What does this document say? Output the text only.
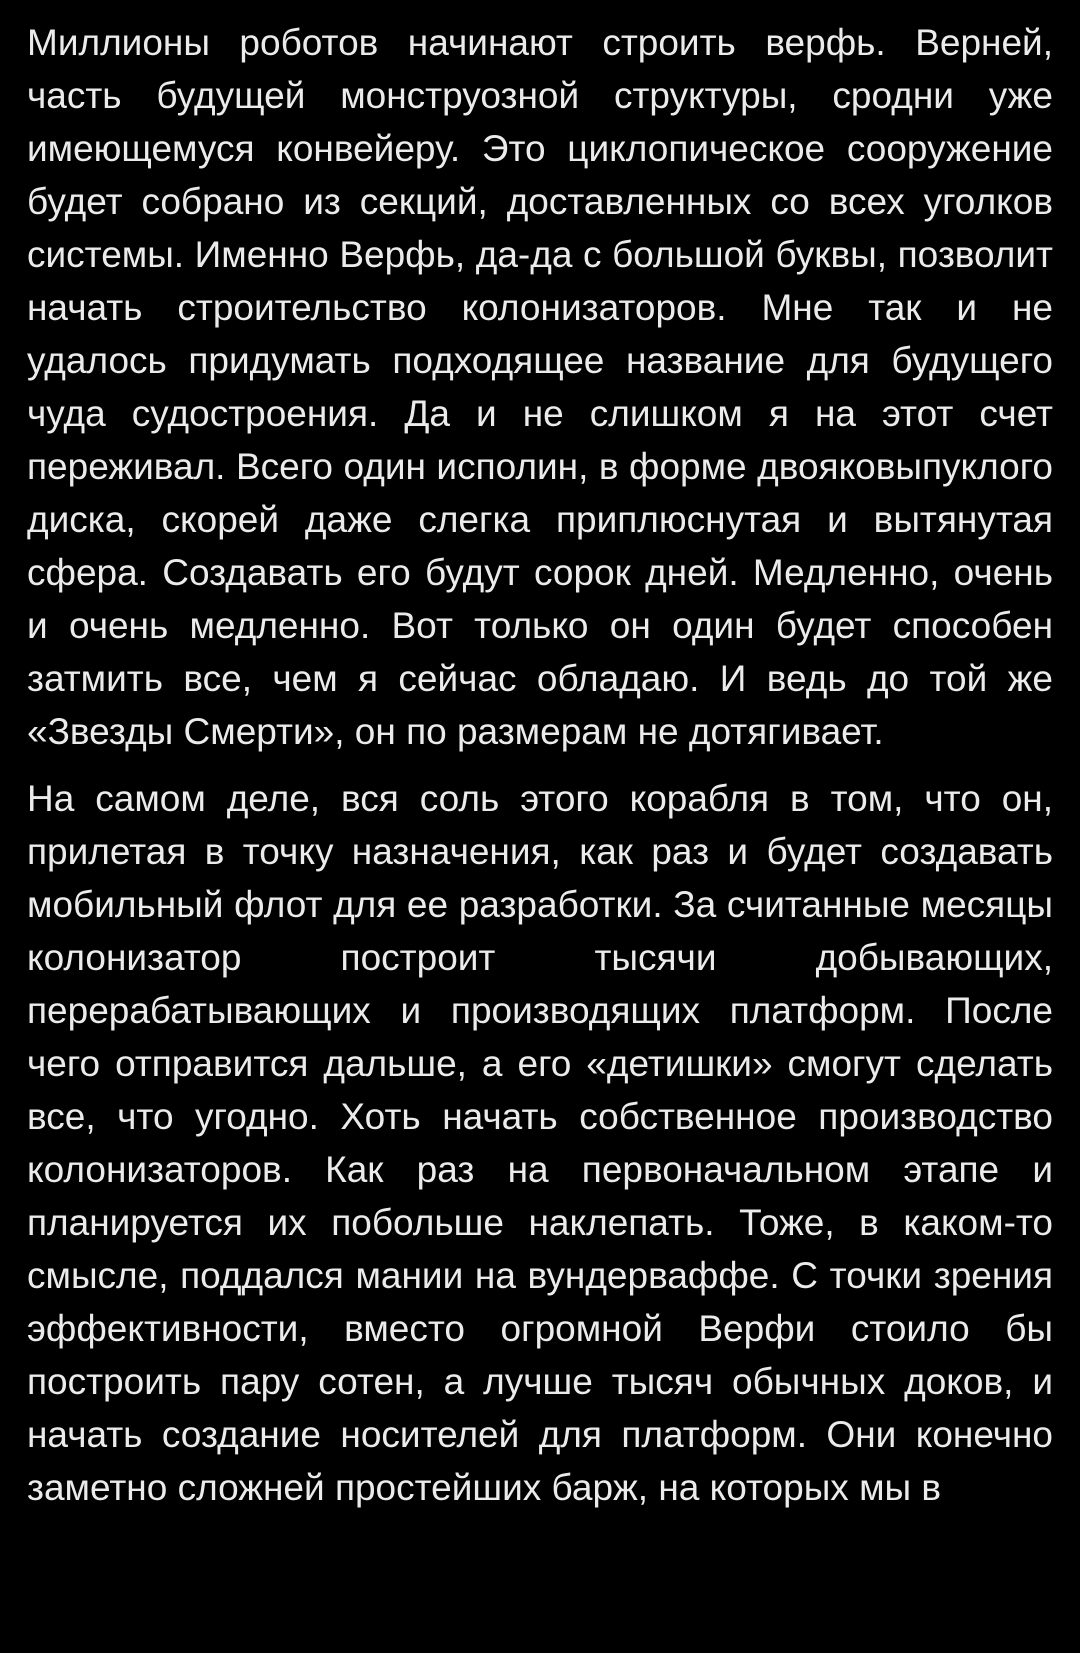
Миллионы роботов начинают строить верфь. Верней, часть будущей монструозной структуры, сродни уже имеющемуся конвейеру. Это циклопическое сооружение будет собрано из секций, доставленных со всех уголков системы. Именно Верфь, да-да с большой буквы, позволит начать строительство колонизаторов. Мне так и не удалось придумать подходящее название для будущего чуда судостроения. Да и не слишком я на этот счет переживал. Всего один исполин, в форме двояковыпуклого диска, скорей даже слегка приплюснутая и вытянутая сфера. Создавать его будут сорок дней. Медленно, очень и очень медленно. Вот только он один будет способен затмить все, чем я сейчас обладаю. И ведь до той же «Звезды Смерти», он по размерам не дотягивает.

На самом деле, вся соль этого корабля в том, что он, прилетая в точку назначения, как раз и будет создавать мобильный флот для ее разработки. За считанные месяцы колонизатор построит тысячи добывающих, перерабатывающих и производящих платформ. После чего отправится дальше, а его «детишки» смогут сделать все, что угодно. Хоть начать собственное производство колонизаторов. Как раз на первоначальном этапе и планируется их побольше наклепать. Тоже, в каком-то смысле, поддался мании на вундерваффе. С точки зрения эффективности, вместо огромной Верфи стоило бы построить пару сотен, а лучше тысяч обычных доков, и начать создание носителей для платформ. Они конечно заметно сложней простейших барж, на которых мы в
